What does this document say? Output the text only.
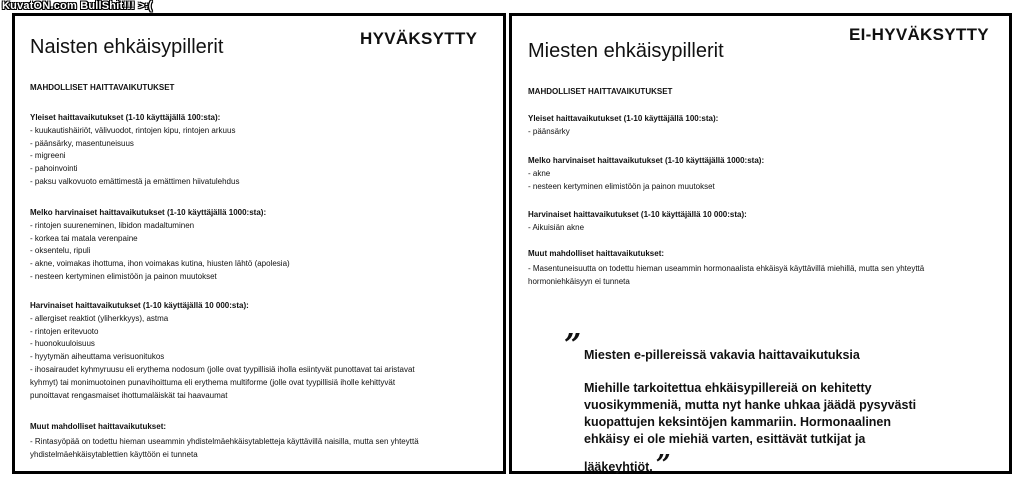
KuvatON.com BullShit!!! >:(
Naisten ehkäisypillerit	HYVÄKSYTTY
MAHDOLLISET HAITTAVAIKUTUKSET
Yleiset haittavaikutukset (1-10 käyttäjällä 100:sta):
- kuukautishäiriöt, välivuodot, rintojen kipu, rintojen arkuus
- päänsärky, masentuneisuus
- migreeni
- pahoinvointi
- paksu valkovuoto emättimestä ja emättimen hiivatulehdus
Melko harvinaiset haittavaikutukset (1-10 käyttäjällä 1000:sta):
- rintojen suureneminen, libidon madaltuminen
- korkea tai matala verenpaine
- oksentelu, ripuli
- akne, voimakas ihottuma, ihon voimakas kutina, hiusten lähtö (apolesia)
- nesteen kertyminen elimistöön ja painon muutokset
Harvinaiset haittavaikutukset (1-10 käyttäjällä 10 000:sta):
- allergiset reaktiot (yliherkkyys), astma
- rintojen eritevuoto
- huonokuuloisuus
- hyytymän aiheuttama verisuonitukos
- ihosairaudet kyhmyruusu eli erythema nodosum (jolle ovat tyypillisiä iholla esiintyvät punottavat tai aristavat
kyhmyt) tai monimuotoinen punavihoittuma eli erythema multiforme (jolle ovat tyypillisiä iholle kehittyvät
punoittavat rengasmaiset ihottumaläiskät tai haavaumat
Muut mahdolliset haittavaikutukset:
- Rintasyöpää on todettu hieman useammin yhdistelmäehkäisytabletteja käyttävillä naisilla, mutta sen yhteyttä
yhdistelmäehkäisytablettien käyttöön ei tunneta
Miesten ehkäisypillerit
EI-HYVÄKSYTTY
MAHDOLLISET HAITTAVAIKUTUKSET
Yleiset haittavaikutukset (1-10 käyttäjällä 100:sta):
- päänsärky
Melko harvinaiset haittavaikutukset (1-10 käyttäjällä 1000:sta):
- akne
- nesteen kertyminen elimistöön ja painon muutokset
Harvinaiset haittavaikutukset (1-10 käyttäjällä 10 000:sta):
- Aikuisiän akne
Muut mahdolliset haittavaikutukset:
- Masentuneisuutta on todettu hieman useammin hormonaalista ehkäisyä käyttävillä miehillä, mutta sen yhteyttä
hormoniehkäisyyn ei tunneta
” Miesten e-pillereissä vakavia haittavaikutuksia
Miehille tarkoitettua ehkäisypillereiä on kehitetty
vuosikymmeniä, mutta nyt hanke uhkaa jäädä pysyvästi
kuopattujen keksintöjen kammariin. Hormonaalinen
ehkäisy ei ole miehiä varten, esittävät tutkijat ja
lääkeyhtiöt. ”
